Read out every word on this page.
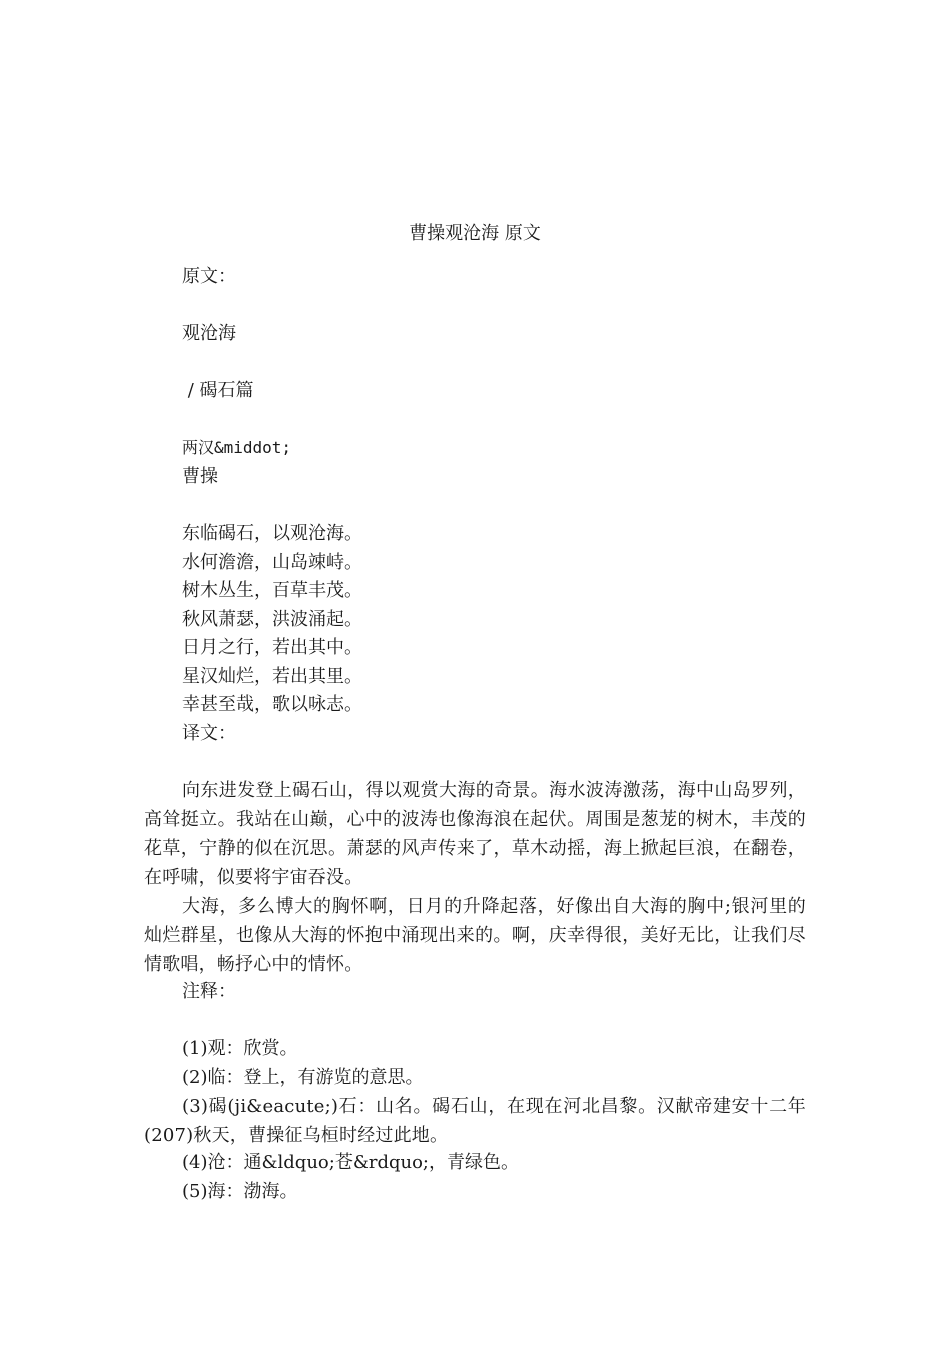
曹操观沧海 原文
原文：
观沧海
/ 碣石篇
两汉&middot;
曹操
东临碣石，以观沧海。
水何澹澹，山岛竦峙。
树木丛生，百草丰茂。
秋风萧瑟，洪波涌起。
日月之行，若出其中。
星汉灿烂，若出其里。
幸甚至哉，歌以咏志。
译文：
向东进发登上碣石山，得以观赏大海的奇景。海水波涛激荡，海中山岛罗列，高耸挺立。我站在山巅，心中的波涛也像海浪在起伏。周围是葱茏的树木，丰茂的花草，宁静的似在沉思。萧瑟的风声传来了，草木动摇，海上掀起巨浪，在翻卷，在呼啸，似要将宇宙吞没。
大海，多么博大的胸怀啊，日月的升降起落，好像出自大海的胸中;银河里的灿烂群星，也像从大海的怀抱中涌现出来的。啊，庆幸得很，美好无比，让我们尽情歌唱，畅抒心中的情怀。
注释：
(1)观：欣赏。
(2)临：登上，有游览的意思。
(3)碣(ji&eacute;)石：山名。碣石山，在现在河北昌黎。汉献帝建安十二年(207)秋天，曹操征乌桓时经过此地。
(4)沧：通&ldquo;苍&rdquo;，青绿色。
(5)海：渤海。
